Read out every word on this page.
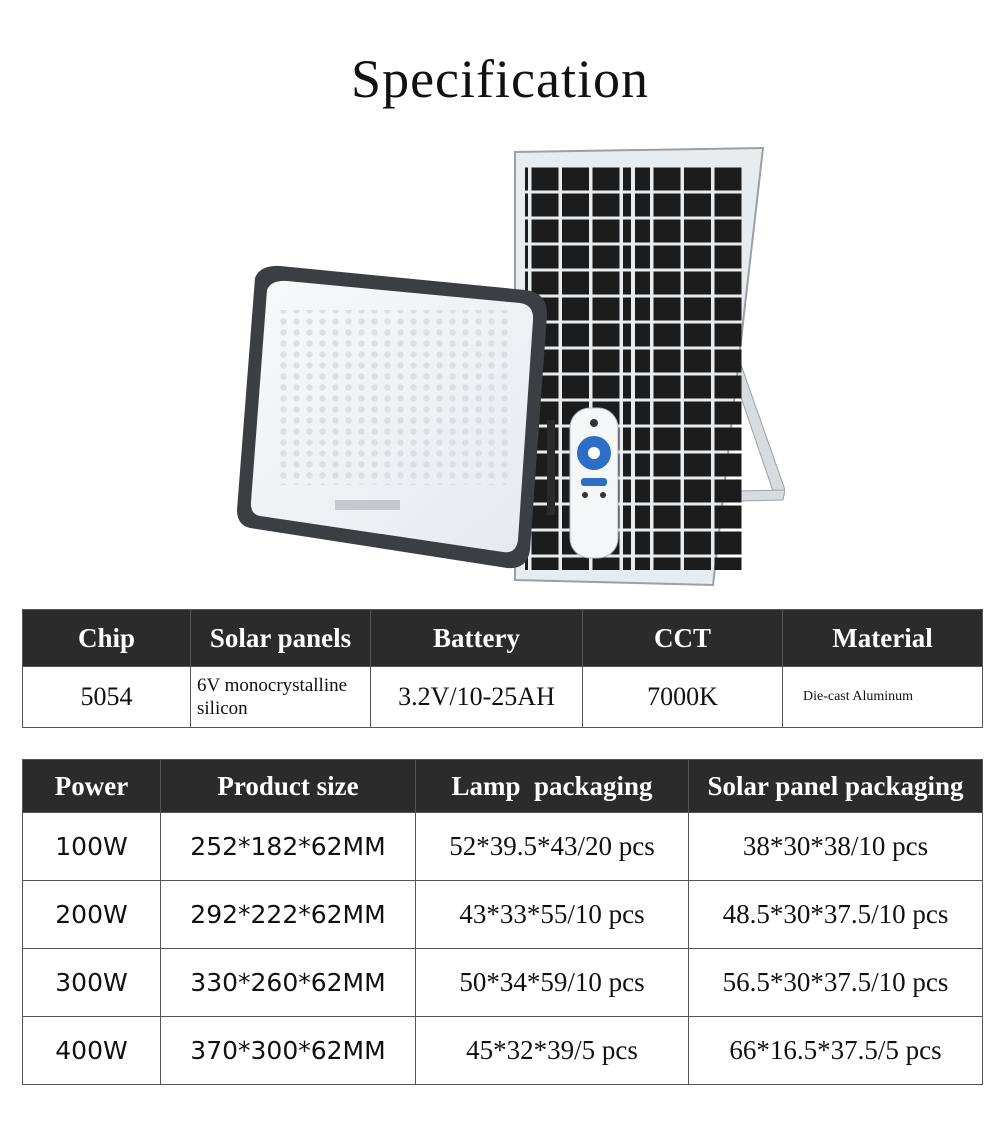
Specification
Chip	Solar panels	Battery	CCT	Material
5054	6V monocrystalline silicon	3.2V/10-25AH	7000K	Die-cast Aluminum
Power	Product size	Lamp  packaging	Solar panel packaging
100W	252*182*62MM	52*39.5*43/20 pcs	38*30*38/10 pcs
200W	292*222*62MM	43*33*55/10 pcs	48.5*30*37.5/10 pcs
300W	330*260*62MM	50*34*59/10 pcs	56.5*30*37.5/10 pcs
400W	370*300*62MM	45*32*39/5 pcs	66*16.5*37.5/5 pcs
